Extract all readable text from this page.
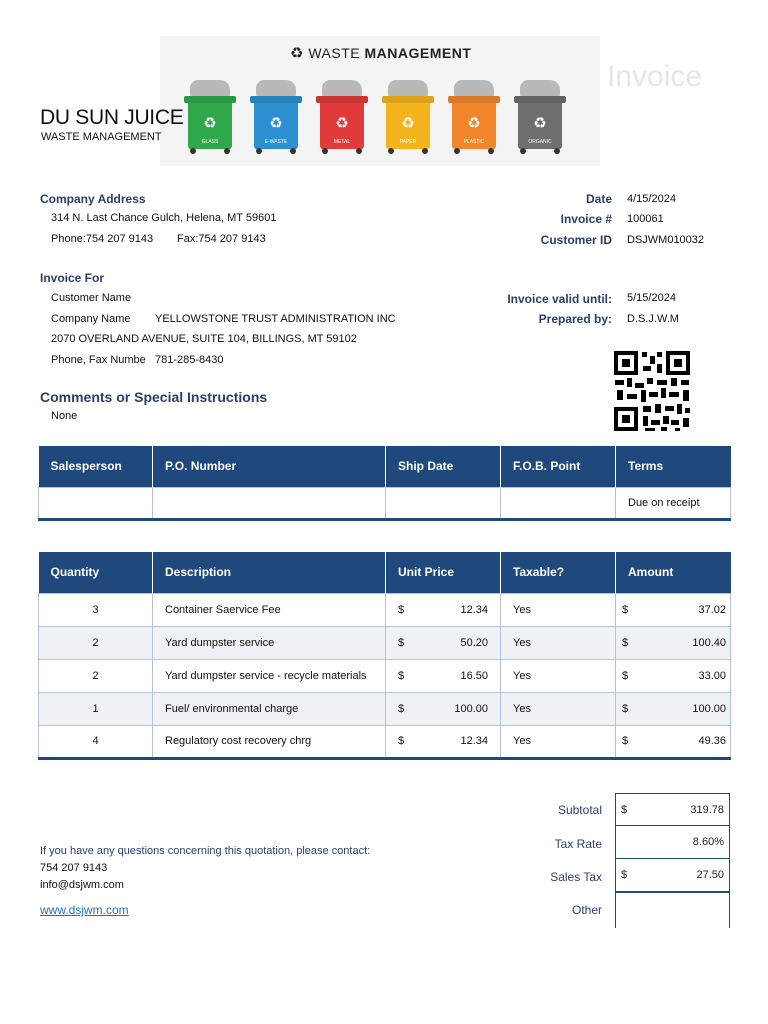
♻ WASTE MANAGEMENT
Invoice
DU SUN JUICE
WASTE MANAGEMENT
♻
GLASS
♻
E-WASTE
♻
METAL
♻
PAPER
♻
PLASTIC
♻
ORGANIC
Company Address
314 N. Last Chance Gulch, Helena, MT 59601
Phone:754 207 9143 Fax:754 207 9143
Date 4/15/2024
Invoice # 100061
Customer ID DSJWM010032
Invoice For
Customer Name
Company Name YELLOWSTONE TRUST ADMINISTRATION INC
2070 OVERLAND AVENUE, SUITE 104, BILLINGS, MT 59102
Phone, Fax Numbe 781-285-8430
Invoice valid until: 5/15/2024
Prepared by: D.S.J.W.M
Comments or Special Instructions
None
Salesperson	P.O. Number	Ship Date	F.O.B. Point	Terms
				Due on receipt
Quantity	Description	Unit Price	Taxable?	Amount
3	Container Saervice Fee	$ 12.34	Yes	$ 37.02

2	Yard dumpster service	$ 50.20	Yes	$ 100.40

2	Yard dumpster service - recycle materials	$ 16.50	Yes	$ 33.00

1	Fuel/ environmental charge	$ 100.00	Yes	$ 100.00

4	Regulatory cost recovery chrg	$ 12.34	Yes	$ 49.36
Subtotal $	319.78
Tax Rate	8.60%
Sales Tax $	27.50
Other
If you have any questions concerning this quotation, please contact:
754 207 9143
info@dsjwm.com
www.dsjwm.com
